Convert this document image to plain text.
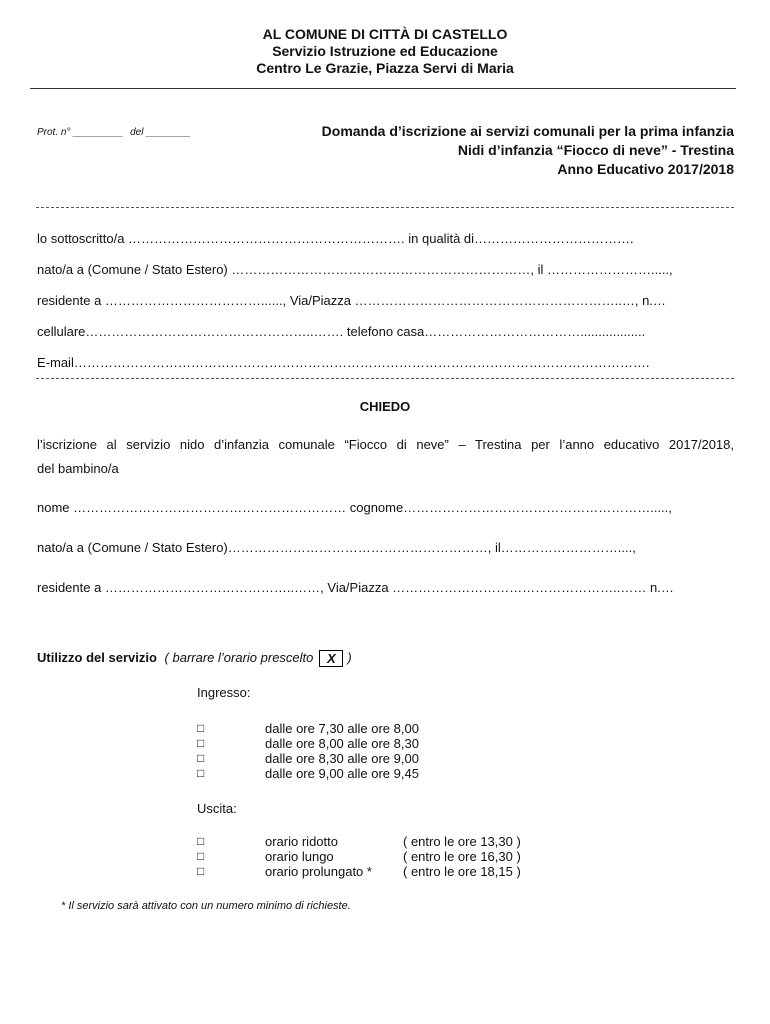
AL COMUNE DI CITTÀ DI CASTELLO
Servizio Istruzione ed Educazione
Centro Le Grazie, Piazza Servi di Maria
Prot. n° _________ del ________	Domanda d’iscrizione ai servizi comunali per la prima infanzia
Nidi d’infanzia “Fiocco di neve” - Trestina
Anno Educativo 2017/2018
lo sottoscritto/a ………………………………………………………. in qualità di……………………………….
nato/a a (Comune / Stato Estero) ……………………………………………………………, il …………………….....,
residente a ………………………………......, Via/Piazza ……………………………………………………..…, n.…
cellulare……………………………………………..……. telefono casa………………………………..................
E-mail…………………………………………………………………………………………………………………….
CHIEDO
l’iscrizione al servizio nido d’infanzia comunale “Fiocco di neve” – Trestina per l’anno educativo 2017/2018,
del bambino/a
nome ……………………………………………………… cognome………………………………………………….....,
nato/a a (Comune / Stato Estero)……………………………………………………, il………………………....,
residente a ……………………………………..……, Via/Piazza ……………………………………………..…… n.…
Utilizzo del servizio ( barrare l’orario prescelto X )
Ingresso:
□	dalle ore 7,30 alle ore 8,00
□	dalle ore 8,00 alle ore 8,30
□	dalle ore 8,30 alle ore 9,00
□	dalle ore 9,00 alle ore 9,45
Uscita:
□	orario ridotto	( entro le ore 13,30 )
□	orario lungo	( entro le ore 16,30 )
□	orario prolungato * ( entro le ore 18,15 )
* Il servizio sarà attivato con un numero minimo di richieste.
